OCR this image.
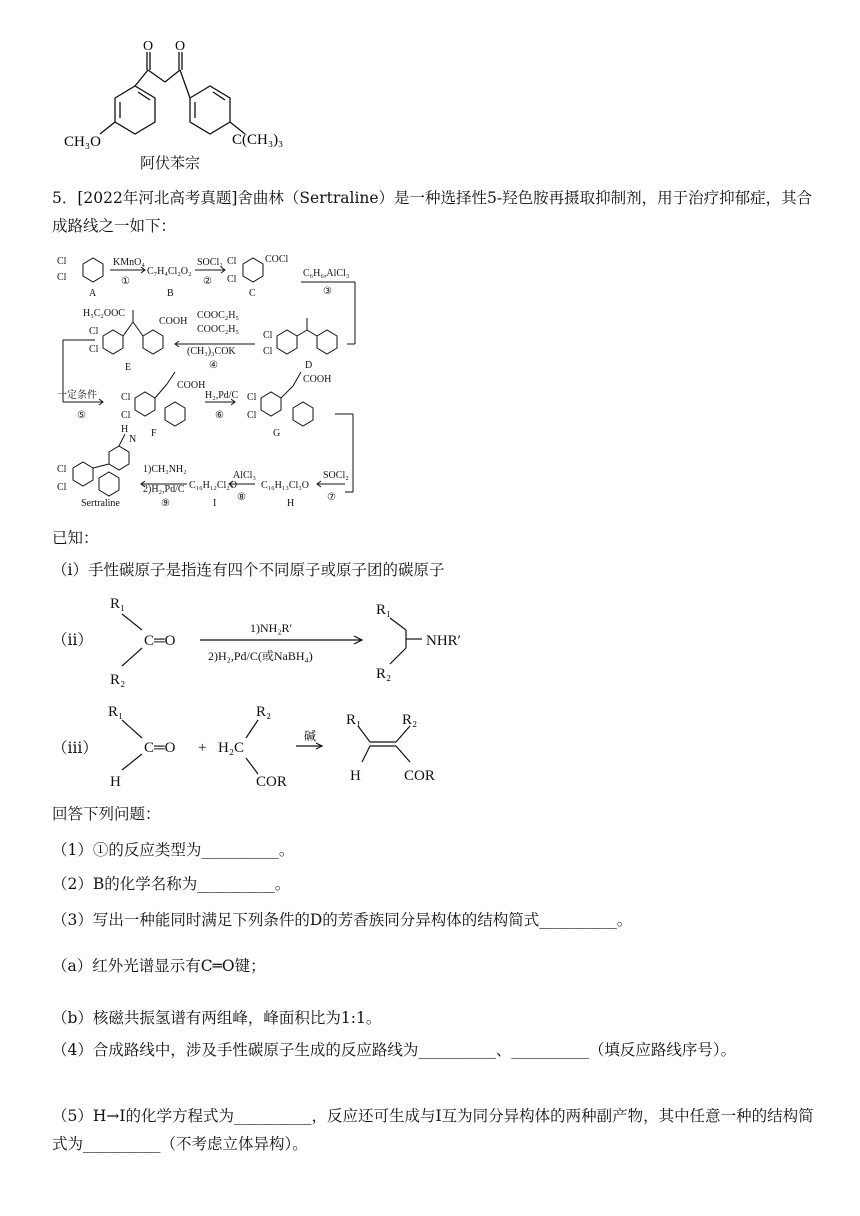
O O
CH₃O	C(CH₃)₃
阿伏苯宗
5．[2022年河北高考真题]舍曲林（Sertraline）是一种选择性5-羟色胺再摄取抑制剂，用于治疗抑郁症，其合成路线之一如下：
Cl
Cl
A
KMnO₄
①
C₇H₄Cl₂O₂
B
SOCl₂
②
Cl
Cl
COCl
C
C₆H₆,AlCl₃
③
Cl
Cl
D
COOC₂H₅
COOC₂H₅
(CH₃)₃COK
④
H₅C₂OOC
COOH
Cl
Cl
E
一定条件
⑤
Cl
Cl
COOH
F
H₂,Pd/C
⑥
Cl
Cl
COOH
G
SOCl₂
⑦
C₁₆H₁₃Cl₃O
H
AlCl₃
⑧
C₁₆H₁₂Cl₂O
I
1)CH₃NH₂
2)H₂,Pd/C
⑨
H
N
Cl
Cl
Sertraline
已知：
（ⅰ）手性碳原子是指连有四个不同原子或原子团的碳原子
（ⅱ）
R₁
R₂
C═O
1)NH₂R′
2)H₂,Pd/C(或NaBH₄)
R₁
R₂
NHR′
（ⅲ）
R₁
H
C═O +
R₂
H₂C
COR
碱
R₁	R₂
H	COR
回答下列问题：
（1）①的反应类型为__________。
（2）B的化学名称为__________。
（3）写出一种能同时满足下列条件的D的芳香族同分异构体的结构简式__________。
（a）红外光谱显示有C═O键；
（b）核磁共振氢谱有两组峰，峰面积比为1:1。
（4）合成路线中，涉及手性碳原子生成的反应路线为__________、__________（填反应路线序号）。
（5）H→I的化学方程式为__________，反应还可生成与I互为同分异构体的两种副产物，其中任意一种的结构简式为__________（不考虑立体异构）。
